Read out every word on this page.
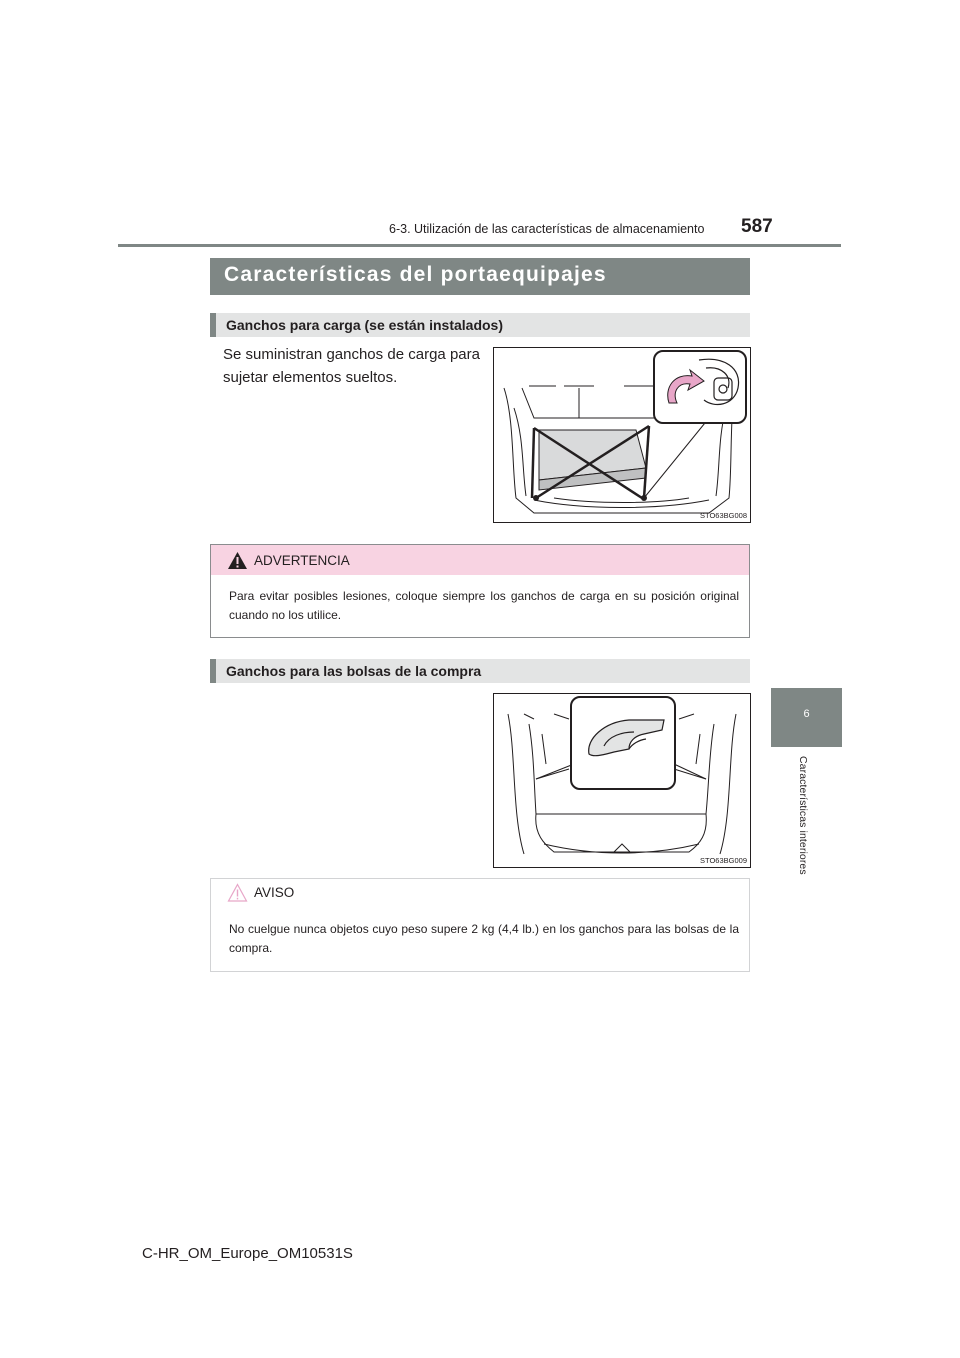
6-3. Utilización de las características de almacenamiento 587
6
Características interiores
Características del portaequipajes
Ganchos para carga (se están instalados)
Se suministran ganchos de carga para sujetar elementos sueltos.
STO63BG008
ADVERTENCIA
Para evitar posibles lesiones, coloque siempre los ganchos de carga en su posición original cuando no los utilice.
Ganchos para las bolsas de la compra
STO63BG009
AVISO
No cuelgue nunca objetos cuyo peso supere 2 kg (4,4 lb.) en los ganchos para las bolsas de la compra.
C-HR_OM_Europe_OM10531S
